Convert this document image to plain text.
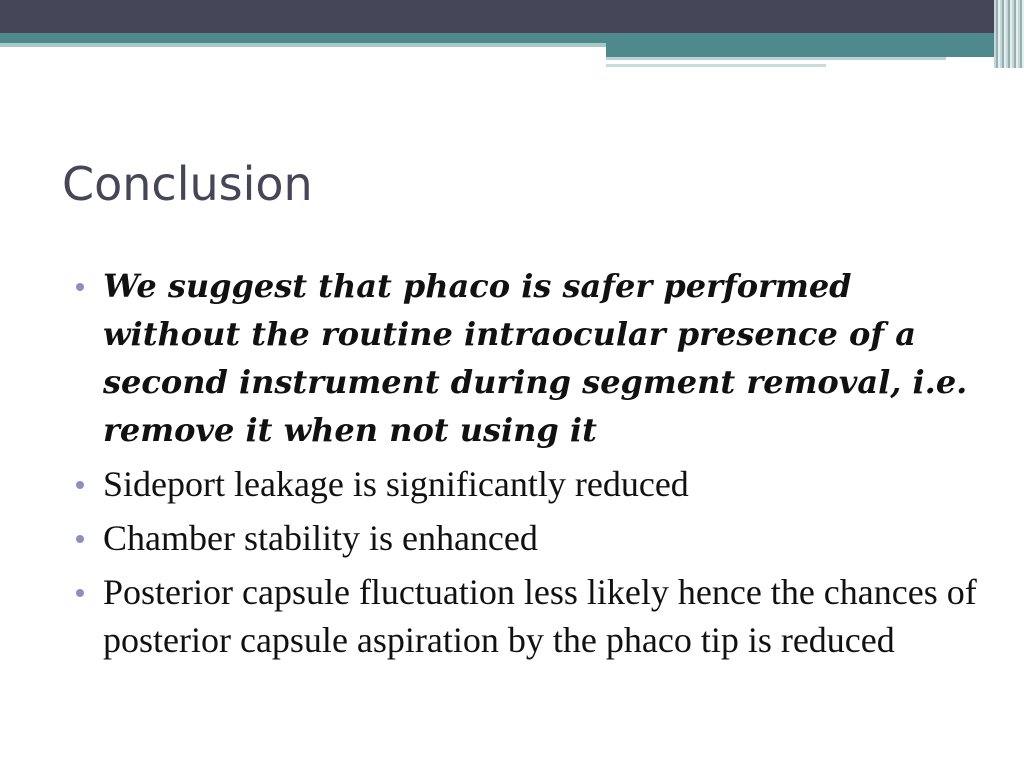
Conclusion
We suggest that phaco is safer performed without the routine intraocular presence of a second instrument during segment removal, i.e. remove it when not using it
Sideport leakage is significantly reduced
Chamber stability is enhanced
Posterior capsule fluctuation less likely hence the chances of posterior capsule aspiration by the phaco tip is reduced
